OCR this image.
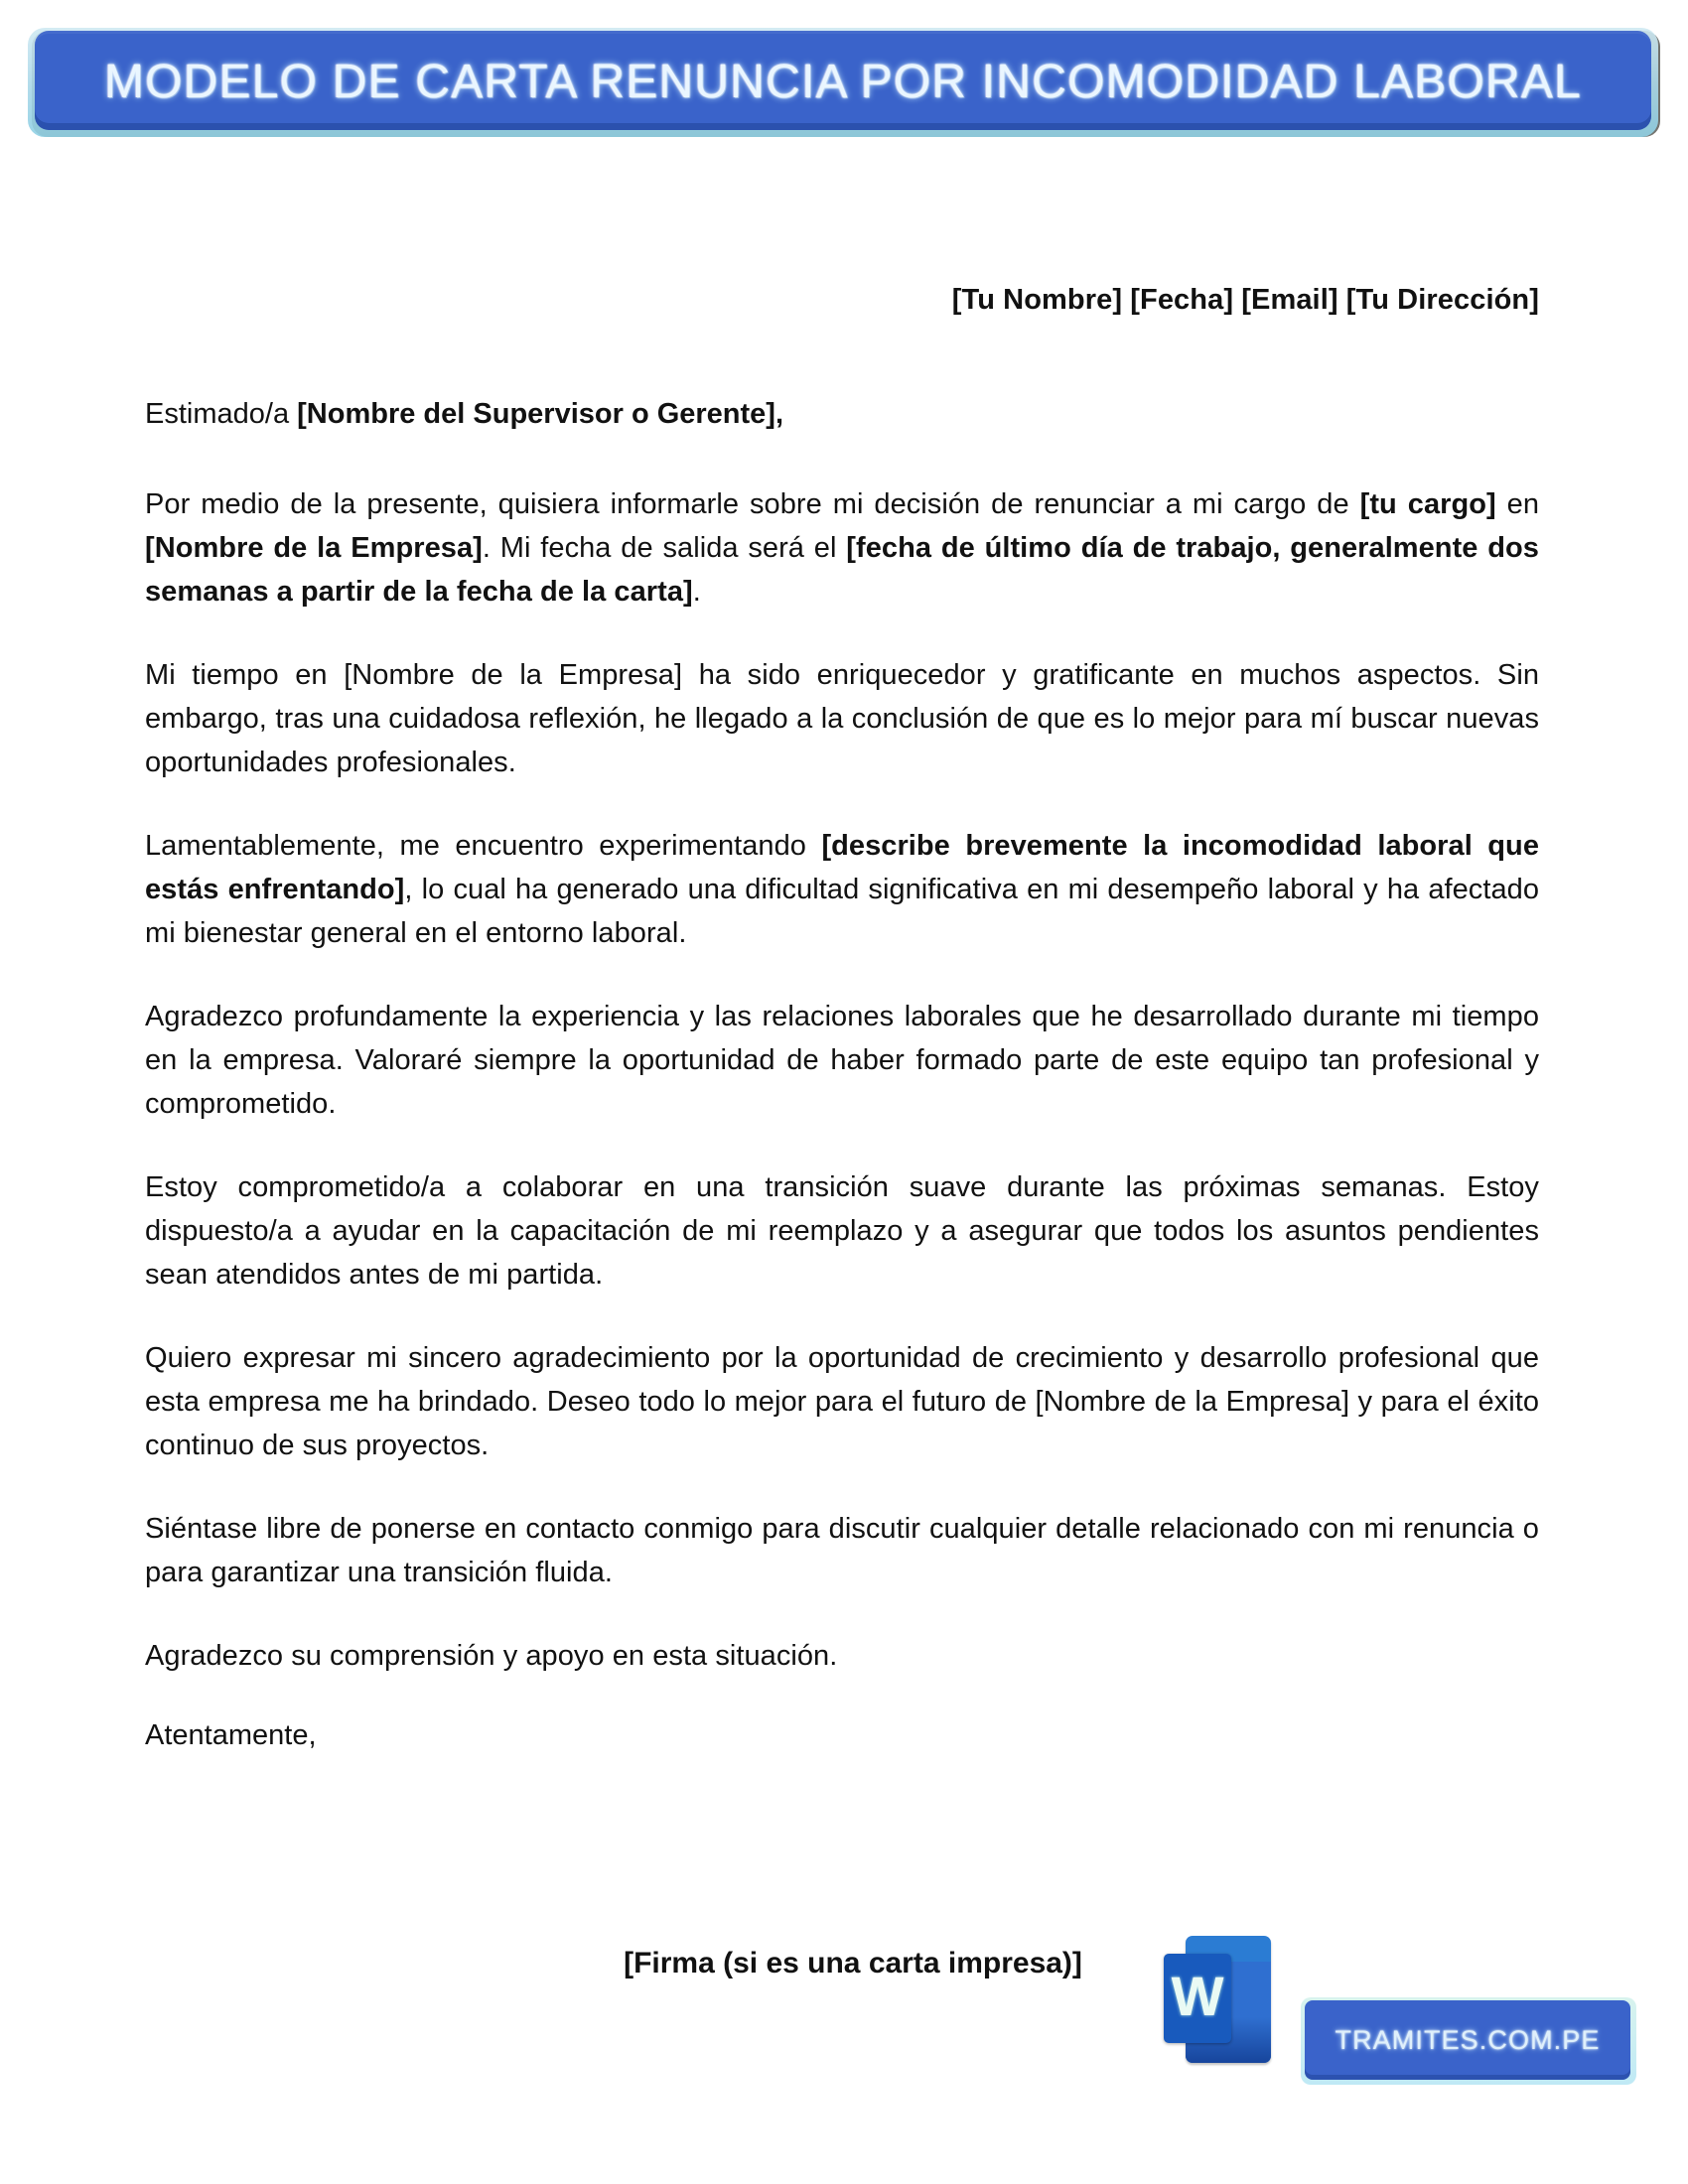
MODELO DE CARTA RENUNCIA POR INCOMODIDAD LABORAL
[Tu Nombre] [Fecha] [Email] [Tu Dirección]
Estimado/a [Nombre del Supervisor o Gerente],

Por medio de la presente, quisiera informarle sobre mi decisión de renunciar a mi cargo de [tu cargo] en [Nombre de la Empresa]. Mi fecha de salida será el [fecha de último día de trabajo, generalmente dos semanas a partir de la fecha de la carta].

Mi tiempo en [Nombre de la Empresa] ha sido enriquecedor y gratificante en muchos aspectos. Sin embargo, tras una cuidadosa reflexión, he llegado a la conclusión de que es lo mejor para mí buscar nuevas oportunidades profesionales.

Lamentablemente, me encuentro experimentando [describe brevemente la incomodidad laboral que estás enfrentando], lo cual ha generado una dificultad significativa en mi desempeño laboral y ha afectado mi bienestar general en el entorno laboral.

Agradezco profundamente la experiencia y las relaciones laborales que he desarrollado durante mi tiempo en la empresa. Valoraré siempre la oportunidad de haber formado parte de este equipo tan profesional y comprometido.

Estoy comprometido/a a colaborar en una transición suave durante las próximas semanas. Estoy dispuesto/a a ayudar en la capacitación de mi reemplazo y a asegurar que todos los asuntos pendientes sean atendidos antes de mi partida.

Quiero expresar mi sincero agradecimiento por la oportunidad de crecimiento y desarrollo profesional que esta empresa me ha brindado. Deseo todo lo mejor para el futuro de [Nombre de la Empresa] y para el éxito continuo de sus proyectos.

Siéntase libre de ponerse en contacto conmigo para discutir cualquier detalle relacionado con mi renuncia o para garantizar una transición fluida.

Agradezco su comprensión y apoyo en esta situación.

Atentamente,
[Firma (si es una carta impresa)]
W
TRAMITES.COM.PE
